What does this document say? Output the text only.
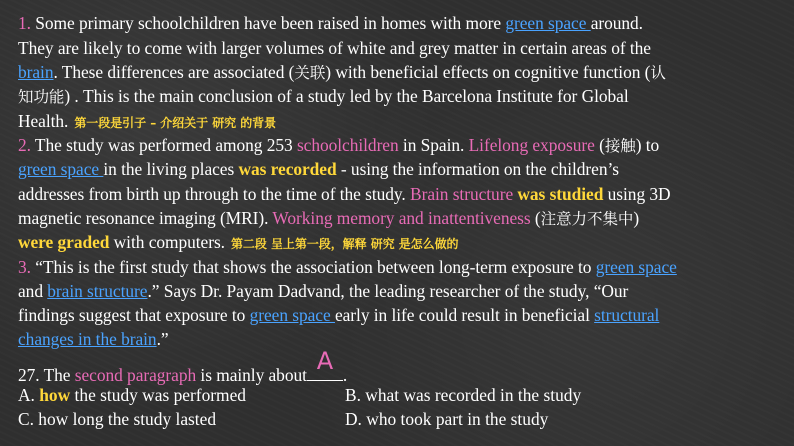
1. Some primary schoolchildren have been raised in homes with more green space around.
They are likely to come with larger volumes of white and grey matter in certain areas of the
brain. These differences are associated (关联) with beneficial effects on cognitive function (认
知功能) . This is the main conclusion of a study led by the Barcelona Institute for Global
Health. 第一段是引子 – 介绍关于 研究 的背景
2. The study was performed among 253 schoolchildren in Spain. Lifelong exposure (接触) to
green space in the living places was recorded - using the information on the children’s
addresses from birth up through to the time of the study. Brain structure was studied using 3D
magnetic resonance imaging (MRI). Working memory and inattentiveness (注意力不集中)
were graded with computers. 第二段 呈上第一段，解释 研究 是怎么做的
3. “This is the first study that shows the association between long-term exposure to green space
and brain structure.” Says Dr. Payam Dadvand, the leading researcher of the study, “Our
findings suggest that exposure to green space early in life could result in beneficial structural
changes in the brain.”
27. The second paragraph is mainly about A .
A. how the study was performed	B. what was recorded in the study
C. how long the study lasted	D. who took part in the study
